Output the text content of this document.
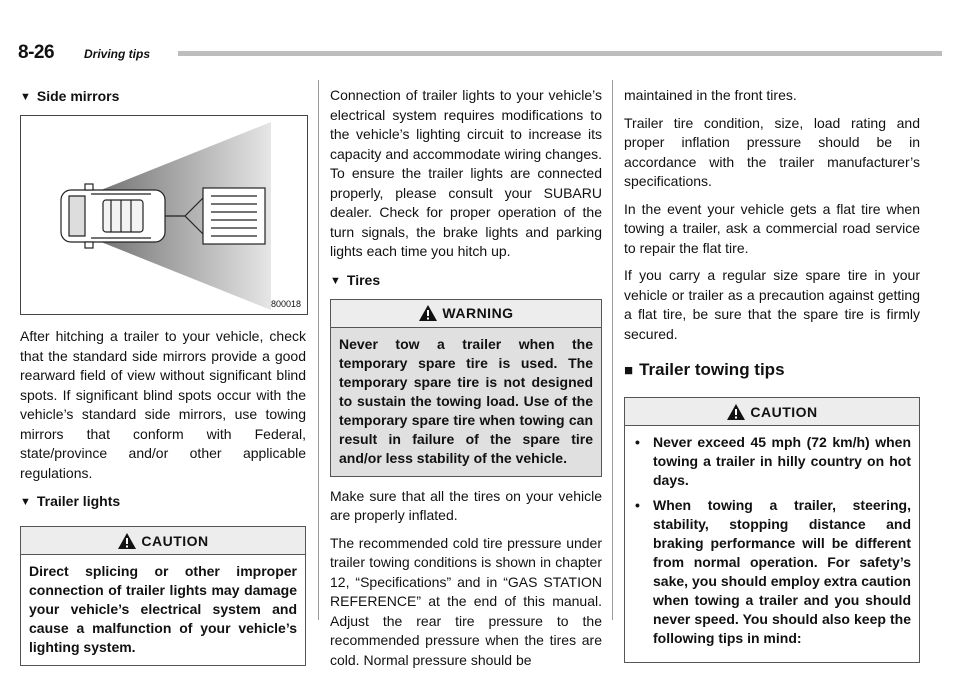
8-26 Driving tips
▼ Side mirrors
800018

After hitching a trailer to your vehicle, check that the standard side mirrors provide a good rearward field of view without significant blind spots. If significant blind spots occur with the vehicle’s standard side mirrors, use towing mirrors that conform with Federal, state/province and/or other applicable regulations.

▼ Trailer lights
CAUTION
Direct splicing or other improper connection of trailer lights may damage your vehicle’s electrical system and cause a malfunction of your vehicle’s lighting system.

Connection of trailer lights to your vehicle’s electrical system requires modifications to the vehicle’s lighting circuit to increase its capacity and accommodate wiring changes. To ensure the trailer lights are connected properly, please consult your SUBARU dealer. Check for proper operation of the turn signals, the brake lights and parking lights each time you hitch up.

▼ Tires
WARNING
Never tow a trailer when the temporary spare tire is used. The temporary spare tire is not designed to sustain the towing load. Use of the temporary spare tire when towing can result in failure of the spare tire and/or less stability of the vehicle.

Make sure that all the tires on your vehicle are properly inflated.

The recommended cold tire pressure under trailer towing conditions is shown in chapter 12, “Specifications” and in “GAS STATION REFERENCE” at the end of this manual. Adjust the rear tire pressure to the recommended pressure when the tires are cold. Normal pressure should be

maintained in the front tires.

Trailer tire condition, size, load rating and proper inflation pressure should be in accordance with the trailer manufacturer’s specifications.

In the event your vehicle gets a flat tire when towing a trailer, ask a commercial road service to repair the flat tire.

If you carry a regular size spare tire in your vehicle or trailer as a precaution against getting a flat tire, be sure that the spare tire is firmly secured.

■ Trailer towing tips
CAUTION
• Never exceed 45 mph (72 km/h) when towing a trailer in hilly country on hot days.
• When towing a trailer, steering, stability, stopping distance and braking performance will be different from normal operation. For safety’s sake, you should employ extra caution when towing a trailer and you should never speed. You should also keep the following tips in mind:
